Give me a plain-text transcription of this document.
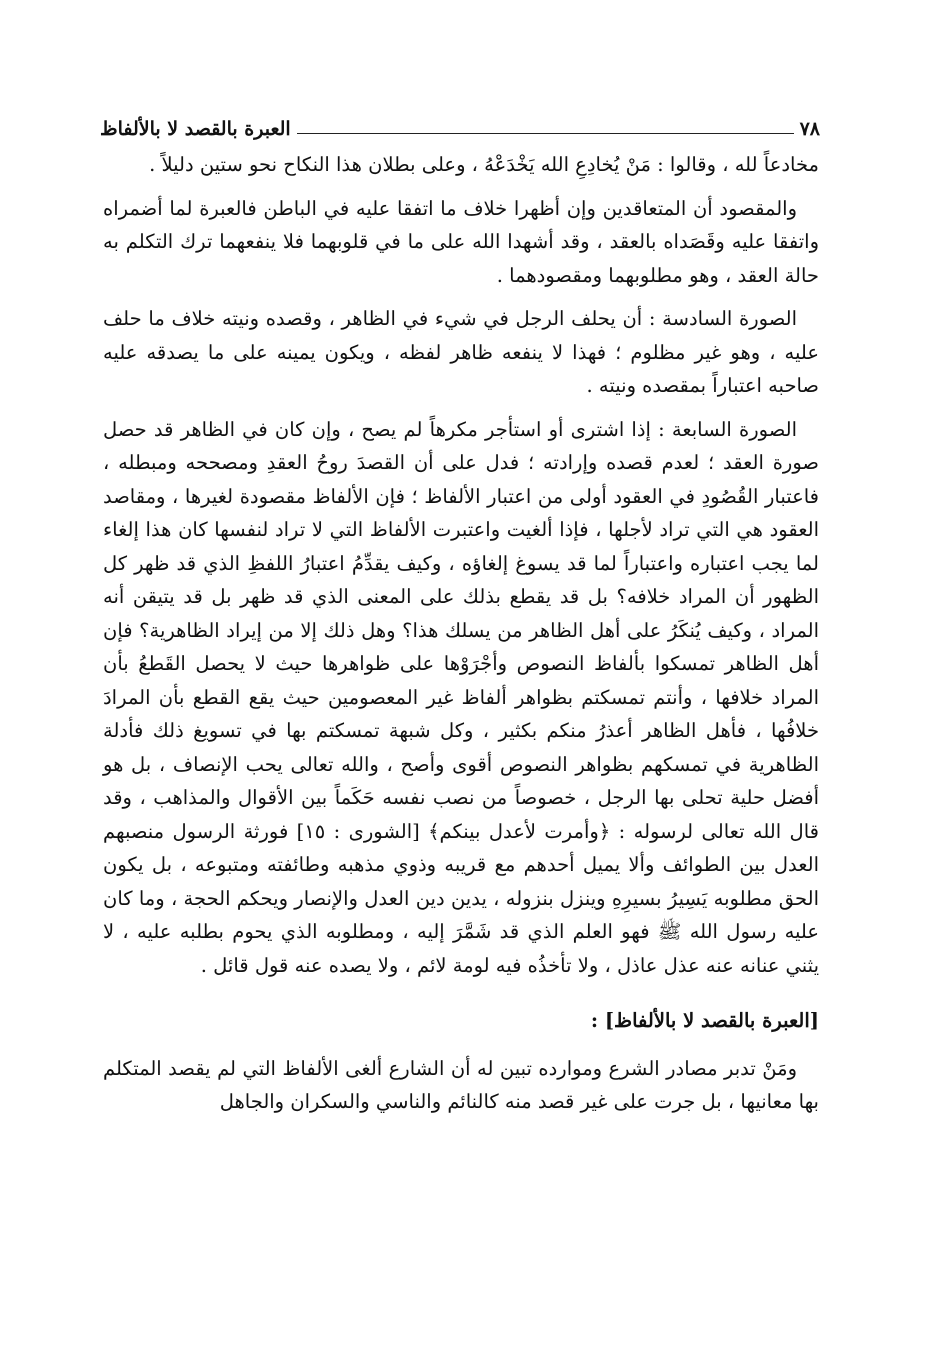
٧٨
العبرة بالقصد لا بالألفاظ

مخادعاً لله ، وقالوا : مَنْ يُخادِعِ الله يَخْدَعْهُ ، وعلى بطلان هذا النكاح نحو ستين دليلاً .

والمقصود أن المتعاقدين وإن أظهرا خلاف ما اتفقا عليه في الباطن فالعبرة لما أضمراه واتفقا عليه وقَصَداه بالعقد ، وقد أشهدا الله على ما في قلوبهما فلا ينفعهما ترك التكلم به حالة العقد ، وهو مطلوبهما ومقصودهما .

الصورة السادسة : أن يحلف الرجل في شيء في الظاهر ، وقصده ونيته خلاف ما حلف عليه ، وهو غير مظلوم ؛ فهذا لا ينفعه ظاهر لفظه ، ويكون يمينه على ما يصدقه عليه صاحبه اعتباراً بمقصده ونيته .

الصورة السابعة : إذا اشترى أو استأجر مكرهاً لم يصح ، وإن كان في الظاهر قد حصل صورة العقد ؛ لعدم قصده وإرادته ؛ فدل على أن القصدَ روحُ العقدِ ومصححه ومبطله ، فاعتبار القُصُودِ في العقود أولى من اعتبار الألفاظ ؛ فإن الألفاظ مقصودة لغيرها ، ومقاصد العقود هي التي تراد لأجلها ، فإذا ألغيت واعتبرت الألفاظ التي لا تراد لنفسها كان هذا إلغاء لما يجب اعتباره واعتباراً لما قد يسوغ إلغاؤه ، وكيف يقدِّمُ اعتبارُ اللفظِ الذي قد ظهر كل الظهور أن المراد خلافه؟ بل قد يقطع بذلك على المعنى الذي قد ظهر بل قد يتيقن أنه المراد ، وكيف يُنكَرُ على أهل الظاهر من يسلك هذا؟ وهل ذلك إلا من إيراد الظاهرية؟ فإن أهل الظاهر تمسكوا بألفاظ النصوص وأجْرَوْها على ظواهرها حيث لا يحصل القَطعُ بأن المراد خلافها ، وأنتم تمسكتم بظواهر ألفاظ غير المعصومين حيث يقع القطع بأن المرادَ خلافُها ، فأهل الظاهر أعذرُ منكم بكثير ، وكل شبهة تمسكتم بها في تسويغ ذلك فأدلة الظاهرية في تمسكهم بظواهر النصوص أقوى وأصح ، والله تعالى يحب الإنصاف ، بل هو أفضل حلية تحلى بها الرجل ، خصوصاً من نصب نفسه حَكَماً بين الأقوال والمذاهب ، وقد قال الله تعالى لرسوله : ﴿وأمرت لأعدل بينكم﴾ [الشورى : ١٥] فورثة الرسول منصبهم العدل بين الطوائف وألا يميل أحدهم مع قريبه وذوي مذهبه وطائفته ومتبوعه ، بل يكون الحق مطلوبه يَسِيرُ بسيرِهِ وينزل بنزوله ، يدين دين العدل والإنصار ويحكم الحجة ، وما كان عليه رسول الله ﷺ فهو العلم الذي قد شَمَّرَ إليه ، ومطلوبه الذي يحوم بطلبه عليه ، لا يثني عنانه عنه عذل عاذل ، ولا تأخذُه فيه لومة لائم ، ولا يصده عنه قول قائل .

[العبرة بالقصد لا بالألفاظ] :

ومَنْ تدبر مصادر الشرع وموارده تبين له أن الشارع ألغى الألفاظ التي لم يقصد المتكلم بها معانيها ، بل جرت على غير قصد منه كالنائم والناسي والسكران والجاهل
